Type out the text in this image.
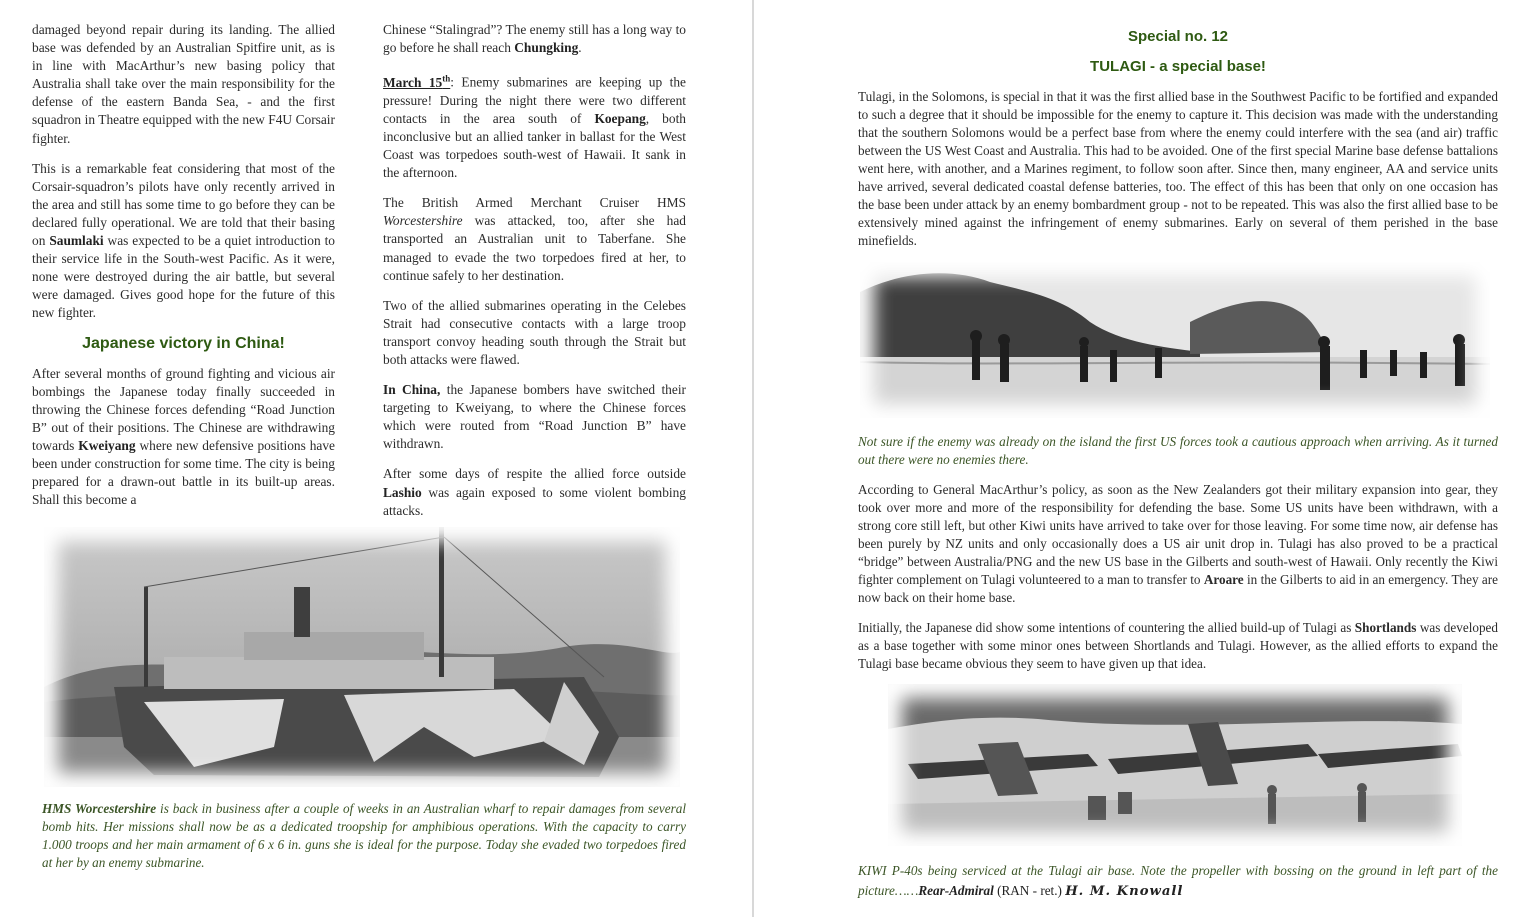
damaged beyond repair during its landing. The allied base was defended by an Australian Spitfire unit, as is in line with MacArthur’s new basing policy that Australia shall take over the main responsibility for the defense of the eastern Banda Sea, - and the first squadron in Theatre equipped with the new F4U Corsair fighter.

This is a remarkable feat considering that most of the Corsair-squadron’s pilots have only recently arrived in the area and still has some time to go before they can be declared fully operational. We are told that their basing on Saumlaki was expected to be a quiet introduction to their service life in the South-west Pacific. As it were, none were destroyed during the air battle, but several were damaged. Gives good hope for the future of this new fighter.

Japanese victory in China!

After several months of ground fighting and vicious air bombings the Japanese today finally succeeded in throwing the Chinese forces defending “Road Junction B” out of their positions. The Chinese are withdrawing towards Kweiyang where new defensive positions have been under construction for some time. The city is being prepared for a drawn-out battle in its built-up areas. Shall this become a

Chinese “Stalingrad”? The enemy still has a long way to go before he shall reach Chungking.

March 15th: Enemy submarines are keeping up the pressure! During the night there were two different contacts in the area south of Koepang, both inconclusive but an allied tanker in ballast for the West Coast was torpedoes south-west of Hawaii. It sank in the afternoon.

The British Armed Merchant Cruiser HMS Worcestershire was attacked, too, after she had transported an Australian unit to Taberfane. She managed to evade the two torpedoes fired at her, to continue safely to her destination.

Two of the allied submarines operating in the Celebes Strait had consecutive contacts with a large troop transport convoy heading south through the Strait but both attacks were flawed.

In China, the Japanese bombers have switched their targeting to Kweiyang, to where the Chinese forces which were routed from “Road Junction B” have withdrawn.

After some days of respite the allied force outside Lashio was again exposed to some violent bombing attacks.

HMS Worcestershire is back in business after a couple of weeks in an Australian wharf to repair damages from several bomb hits. Her missions shall now be as a dedicated troopship for amphibious operations. With the capacity to carry 1.000 troops and her main armament of 6 x 6 in. guns she is ideal for the purpose. Today she evaded two torpedoes fired at her by an enemy submarine.
Special no. 12
TULAGI - a special base!

Tulagi, in the Solomons, is special in that it was the first allied base in the Southwest Pacific to be fortified and expanded to such a degree that it should be impossible for the enemy to capture it. This decision was made with the understanding that the southern Solomons would be a perfect base from where the enemy could interfere with the sea (and air) traffic between the US West Coast and Australia. This had to be avoided. One of the first special Marine base defense battalions went here, with another, and a Marines regiment, to follow soon after. Since then, many engineer, AA and service units have arrived, several dedicated coastal defense batteries, too. The effect of this has been that only on one occasion has the base been under attack by an enemy bombardment group - not to be repeated. This was also the first allied base to be extensively mined against the infringement of enemy submarines. Early on several of them perished in the base minefields.

Not sure if the enemy was already on the island the first US forces took a cautious approach when arriving. As it turned out there were no enemies there.

According to General MacArthur’s policy, as soon as the New Zealanders got their military expansion into gear, they took over more and more of the responsibility for defending the base. Some US units have been withdrawn, with a strong core still left, but other Kiwi units have arrived to take over for those leaving. For some time now, air defense has been purely by NZ units and only occasionally does a US air unit drop in. Tulagi has also proved to be a practical “bridge” between Australia/PNG and the new US base in the Gilberts and south-west of Hawaii. Only recently the Kiwi fighter complement on Tulagi volunteered to a man to transfer to Aroare in the Gilberts to aid in an emergency. They are now back on their home base.

Initially, the Japanese did show some intentions of countering the allied build-up of Tulagi as Shortlands was developed as a base together with some minor ones between Shortlands and Tulagi. However, as the allied efforts to expand the Tulagi base became obvious they seem to have given up that idea.

KIWI P-40s being serviced at the Tulagi air base. Note the propeller with bossing on the ground in left part of the picture……Rear-Admiral (RAN - ret.) H. M. Knowall
